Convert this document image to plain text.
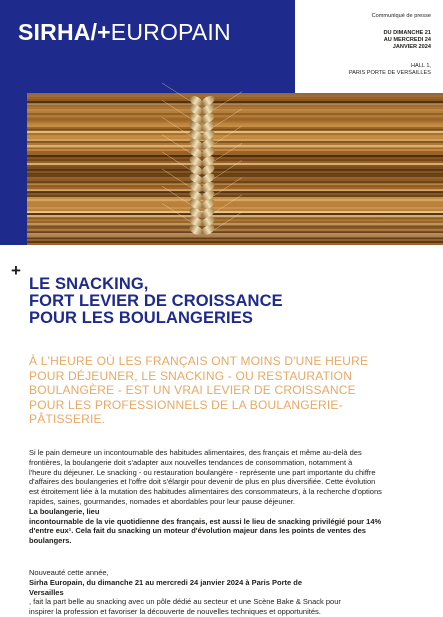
SIRHA/+EUROPAIN
Communiqué de presse
DU DIMANCHE 21
AU MERCREDI 24
JANVIER 2024
HALL 1,
PARIS PORTE DE VERSAILLES
+
LE SNACKING,
FORT LEVIER DE CROISSANCE
POUR LES BOULANGERIES
À L'HEURE OÙ LES FRANÇAIS ONT MOINS D'UNE HEURE
POUR DÉJEUNER, LE SNACKING - OU RESTAURATION
BOULANGÈRE - EST UN VRAI LEVIER DE CROISSANCE
POUR LES PROFESSIONNELS DE LA BOULANGERIE-
PÂTISSERIE.
Si le pain demeure un incontournable des habitudes alimentaires, des français et même au-delà des
frontières, la boulangerie doit s'adapter aux nouvelles tendances de consommation, notamment à
l'heure du déjeuner. Le snacking - ou restauration boulangère - représente une part importante du chiffre
d'affaires des boulangeries et l'offre doit s'élargir pour devenir de plus en plus diversifiée. Cette évolution
est étroitement liée à la mutation des habitudes alimentaires des consommateurs, à la recherche d'options
rapides, saines, gourmandes, nomades et abordables pour leur pause déjeuner.
La boulangerie, lieu
incontournable de la vie quotidienne des français, est aussi le lieu de snacking privilégié pour 14%
d'entre eux¹. Cela fait du snacking un moteur d'évolution majeur dans les points de ventes des
boulangers.
Nouveauté cette année,
Sirha Europain, du dimanche 21 au mercredi 24 janvier 2024 à Paris Porte de
Versailles
, fait la part belle au snacking avec un pôle dédié au secteur et une Scène Bake & Snack pour
inspirer la profession et favoriser la découverte de nouvelles techniques et opportunités.
